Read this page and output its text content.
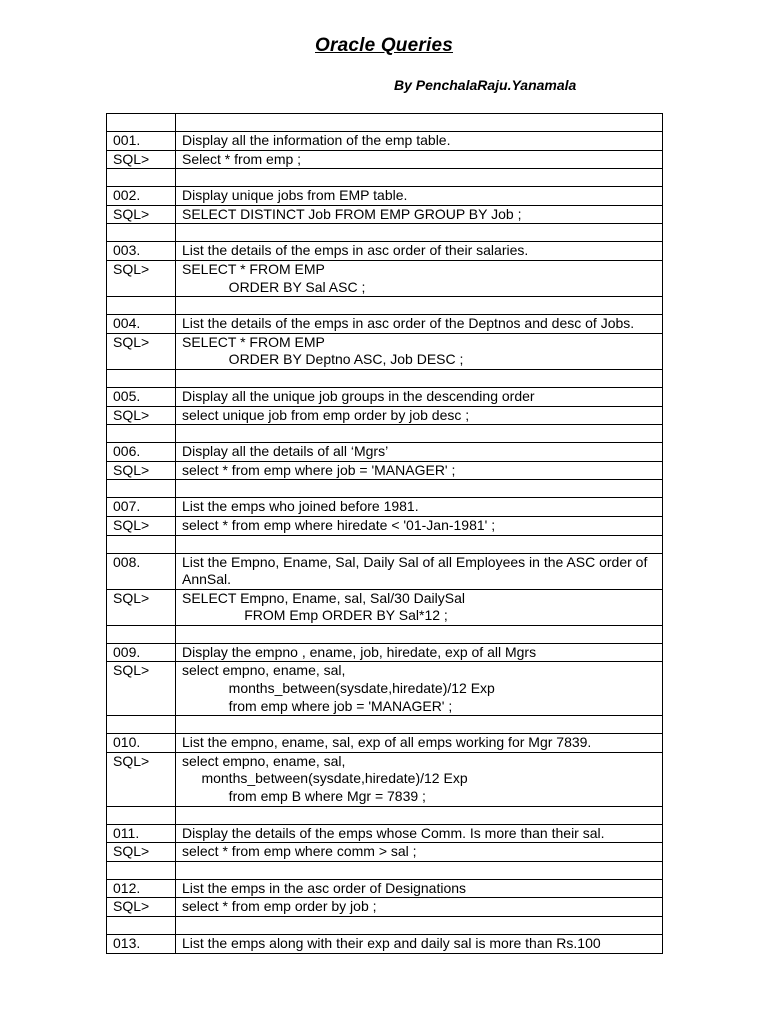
Oracle Queries

By PenchalaRaju.Yanamala

001.	Display all the information of the emp table.
SQL>	Select * from emp ;

002.	Display unique jobs from EMP table.
SQL>	SELECT DISTINCT Job FROM EMP GROUP BY Job ;

003.	List the details of the emps in asc order of their salaries.
SQL>	SELECT * FROM EMP
ORDER BY Sal ASC ;

004.	List the details of the emps in asc order of the Deptnos and desc of Jobs.
SQL>	SELECT * FROM EMP
ORDER BY Deptno ASC, Job DESC ;

005.	Display all the unique job groups in the descending order
SQL>	select unique job from emp order by job desc ;

006.	Display all the details of all ‘Mgrs’
SQL>	select * from emp where job = 'MANAGER' ;

007.	List the emps who joined before 1981.
SQL>	select * from emp where hiredate < '01-Jan-1981' ;

008.	List the Empno, Ename, Sal, Daily Sal of all Employees in the ASC order of AnnSal.
SQL>	SELECT Empno, Ename, sal, Sal/30 DailySal
FROM Emp ORDER BY Sal*12 ;

009.	Display the empno , ename, job, hiredate, exp of all Mgrs
SQL>	select empno, ename, sal,
months_between(sysdate,hiredate)/12 Exp
from emp where job = 'MANAGER' ;

010.	List the empno, ename, sal, exp of all emps working for Mgr 7839.
SQL>	select empno, ename, sal,
months_between(sysdate,hiredate)/12 Exp
from emp B where Mgr = 7839 ;

011.	Display the details of the emps whose Comm. Is more than their sal.
SQL>	select * from emp where comm > sal ;

012.	List the emps in the asc order of Designations
SQL>	select * from emp order by job ;

013.	List the emps along with their exp and daily sal is more than Rs.100
